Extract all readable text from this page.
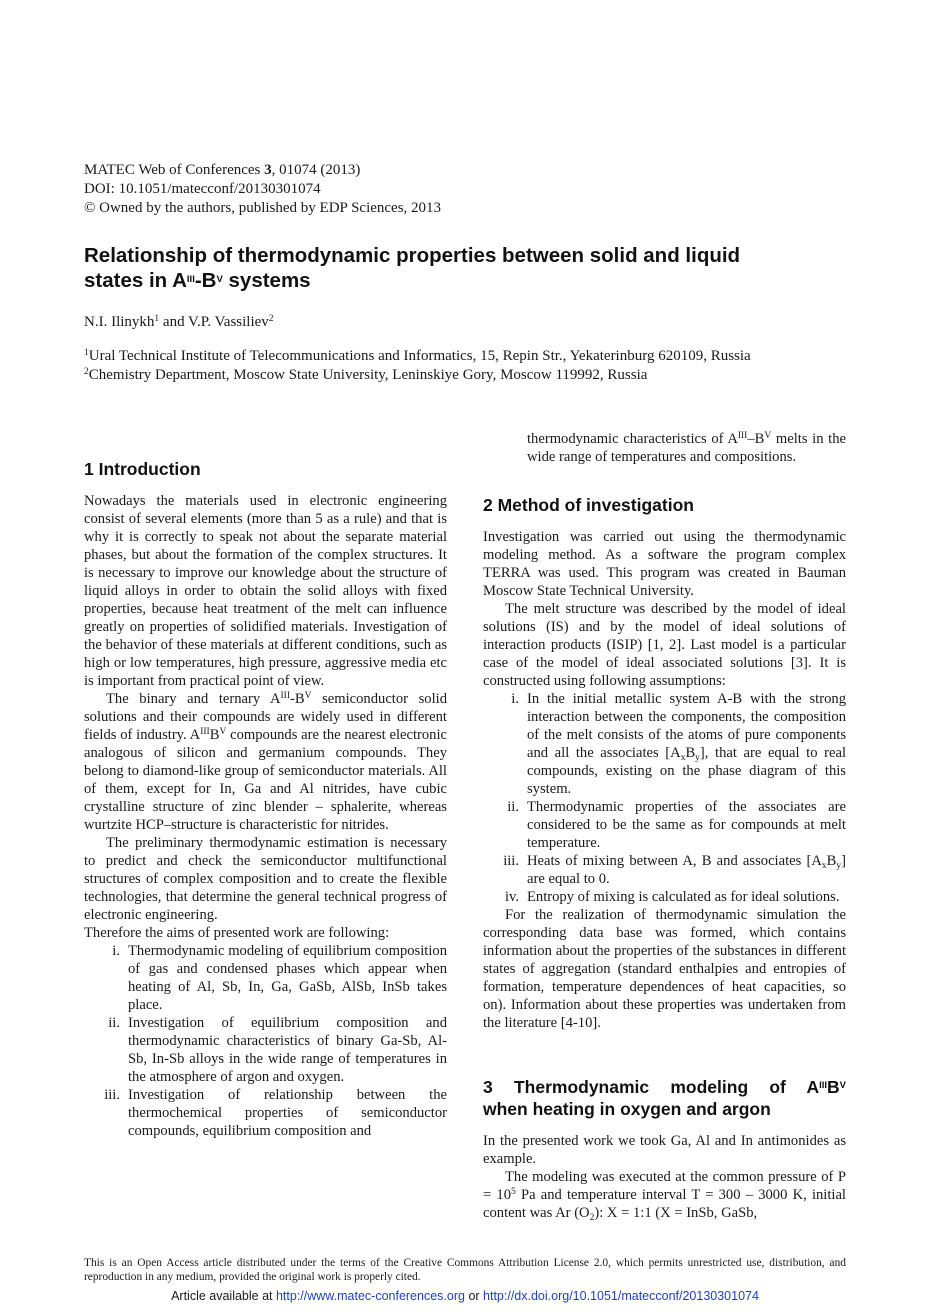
MATEC Web of Conferences 3, 01074 (2013)
DOI: 10.1051/matecconf/20130301074
© Owned by the authors, published by EDP Sciences, 2013
Relationship of thermodynamic properties between solid and liquid
states in $A^{III}-B^V$ systems
N.I. Ilinykh$^1$ and V.P. Vassiliev$^2$
$^1$Ural Technical Institute of Telecommunications and Informatics, 15, Repin Str., Yekaterinburg 620109, Russia
$^2$Chemistry Department, Moscow State University, Leninskiye Gory, Moscow 119992, Russia
1 Introduction

Nowadays the materials used in electronic engineering consist of several elements (more than 5 as a rule) and that is why it is correctly to speak not about the separate material phases, but about the formation of the complex structures. It is necessary to improve our knowledge about the structure of liquid alloys in order to obtain the solid alloys with fixed properties, because heat treatment of the melt can influence greatly on properties of solidified materials. Investigation of the behavior of these materials at different conditions, such as high or low temperatures, high pressure, aggressive media etc is important from practical point of view.

The binary and ternary $A^{III}-B^V$ semiconductor solid solutions and their compounds are widely used in different fields of industry. $A^{III}B^V$ compounds are the nearest electronic analogous of silicon and germanium compounds. They belong to diamond-like group of semiconductor materials. All of them, except for In, Ga and Al nitrides, have cubic crystalline structure of zinc blender – sphalerite, whereas wurtzite HCP–structure is characteristic for nitrides.

The preliminary thermodynamic estimation is necessary to predict and check the semiconductor multifunctional structures of complex composition and to create the flexible technologies, that determine the general technical progress of electronic engineering.

Therefore the aims of presented work are following:

i. Thermodynamic modeling of equilibrium composition of gas and condensed phases which appear when heating of Al, Sb, In, Ga, GaSb, AlSb, InSb takes place.
ii. Investigation of equilibrium composition and thermodynamic characteristics of binary Ga-Sb, Al-Sb, In-Sb alloys in the wide range of temperatures in the atmosphere of argon and oxygen.
iii. Investigation of relationship between the thermochemical properties of semiconductor compounds, equilibrium composition and
thermodynamic characteristics of $A^{III}-B^V$ melts in the wide range of temperatures and compositions.
2 Method of investigation

Investigation was carried out using the thermodynamic modeling method. As a software the program complex TERRA was used. This program was created in Bauman Moscow State Technical University.

The melt structure was described by the model of ideal solutions (IS) and by the model of ideal solutions of interaction products (ISIP) [1, 2]. Last model is a particular case of the model of ideal associated solutions [3]. It is constructed using following assumptions:

i. In the initial metallic system A-B with the strong interaction between the components, the composition of the melt consists of the atoms of pure components and all the associates $[A_xB_y]$, that are equal to real compounds, existing on the phase diagram of this system.
ii. Thermodynamic properties of the associates are considered to be the same as for compounds at melt temperature.
iii. Heats of mixing between A, B and associates $[A_xB_y]$ are equal to 0.
iv. Entropy of mixing is calculated as for ideal solutions.

For the realization of thermodynamic simulation the corresponding data base was formed, which contains information about the properties of the substances in different states of aggregation (standard enthalpies and entropies of formation, temperature dependences of heat capacities, so on). Information about these properties was undertaken from the literature [4-10].

3 Thermodynamic modeling of $A^{III}B^V$
when heating in oxygen and argon

In the presented work we took Ga, Al and In antimonides as example.

The modeling was executed at the common pressure of $P = 10^5$ Pa and temperature interval T = 300 – 3000 K, initial content was Ar $(O_2)$: X = 1:1 (X = InSb, GaSb,

This is an Open Access article distributed under the terms of the Creative Commons Attribution License 2.0, which permits unrestricted use, distribution, and reproduction in any medium, provided the original work is properly cited.
Article available at http://www.matec-conferences.org or http://dx.doi.org/10.1051/matecconf/20130301074
